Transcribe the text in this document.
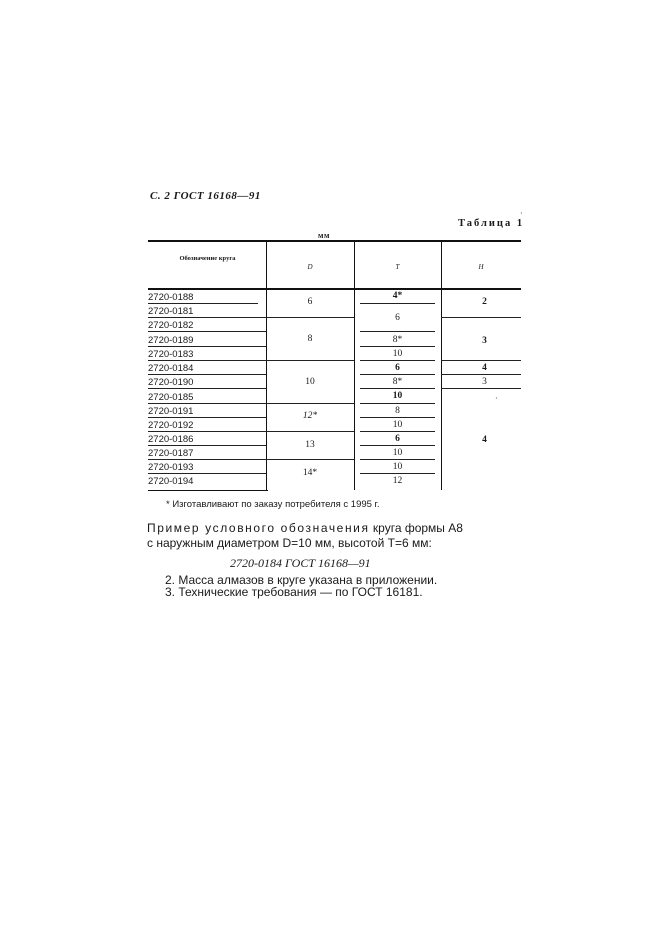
С. 2 ГОСТ 16168—91
·
Таблица 1
мм
Обозначение круга
D	T	H
2720-0188
2720-0181
2720-0182
2720-0189
2720-0183
2720-0184
2720-0190
2720-0185
2720-0191
2720-0192
2720-0186
2720-0187
2720-0193
2720-0194
6
8
10
12*
13
14*
4*
6
8*
10
6
8*
10
8
10
6
10
10
12
2
3
4
3
4
·
* Изготавливают по заказу потребителя с 1995 г.
Пример условного обозначения круга формы А8
с наружным диаметром D=10 мм, высотой T=6 мм:
2720-0184 ГОСТ 16168—91
2. Масса алмазов в круге указана в приложении.
3. Технические требования — по ГОСТ 16181.
